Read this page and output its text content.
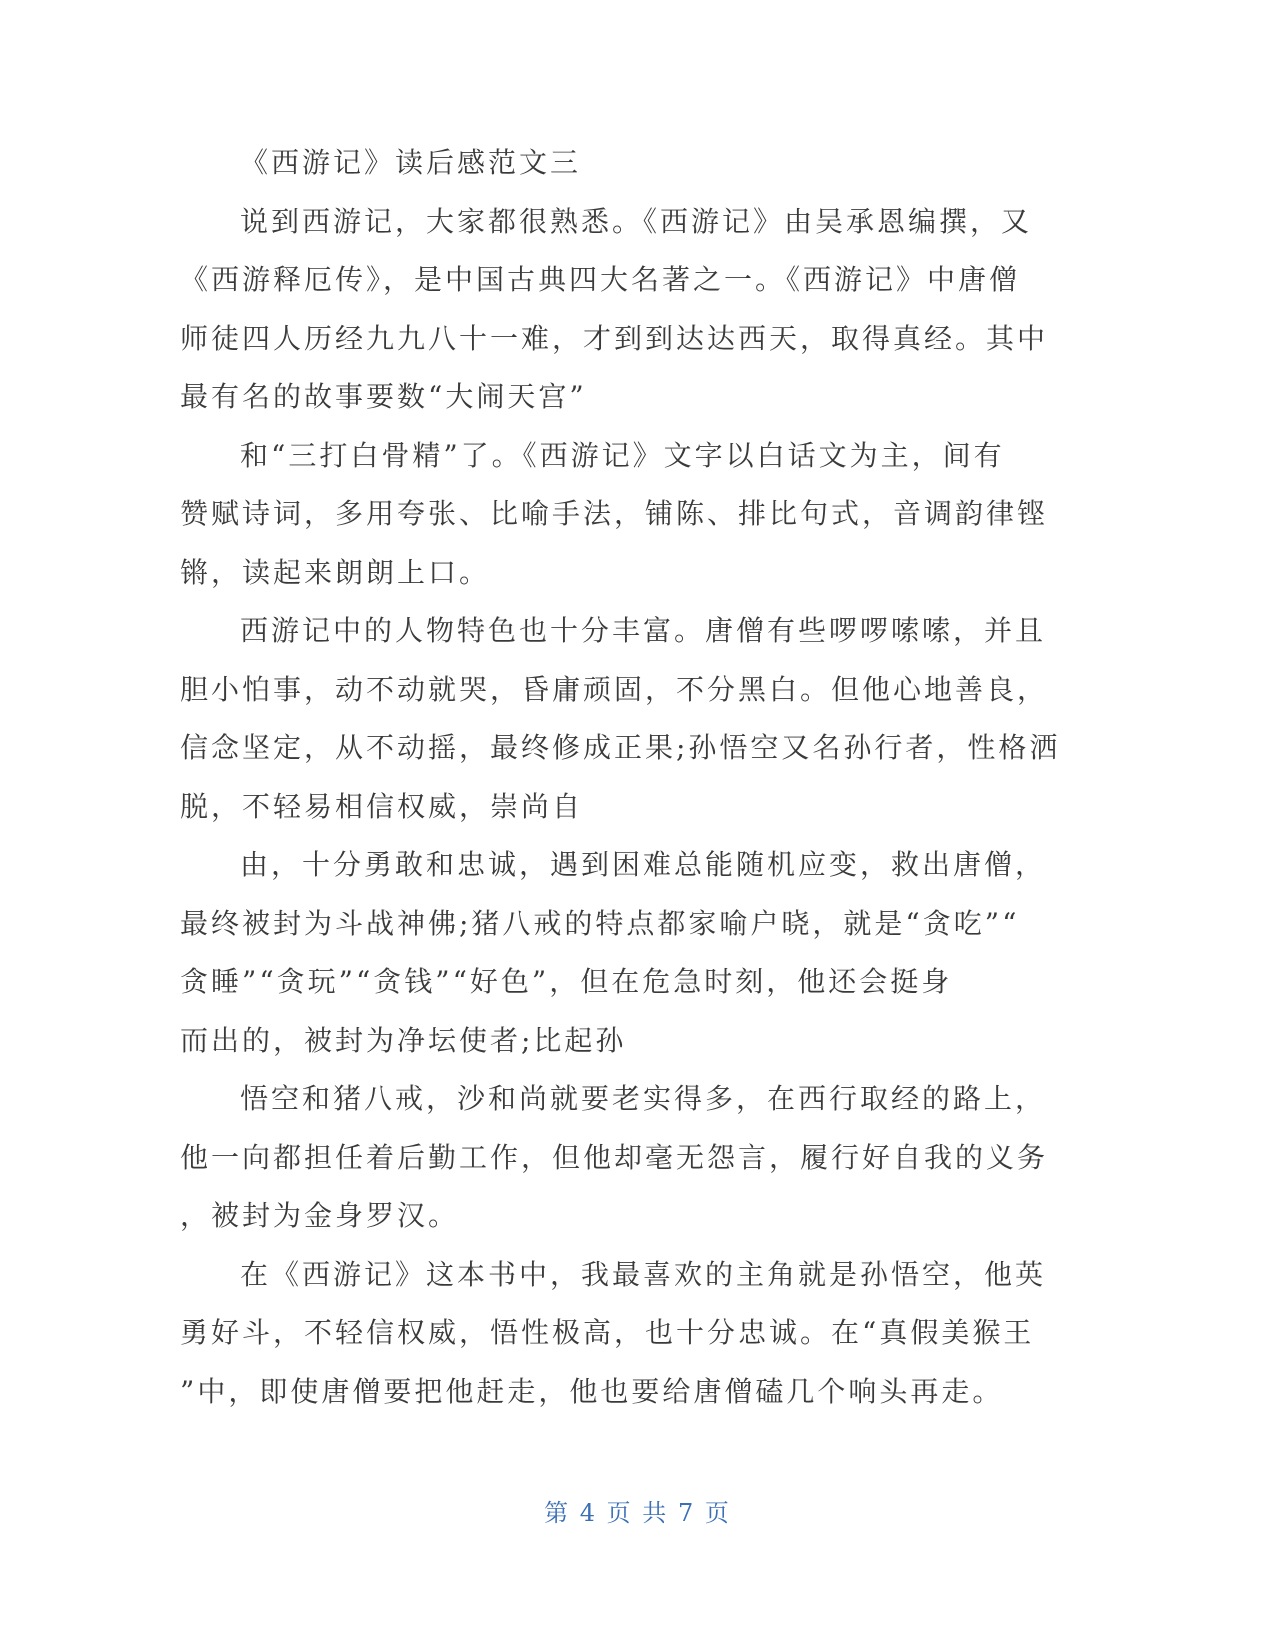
《西游记》读后感范文三
说到西游记，大家都很熟悉。《西游记》由吴承恩编撰，又
《西游释厄传》，是中国古典四大名著之一。《西游记》中唐僧
师徒四人历经九九八十一难，才到到达达西天，取得真经。其中
最有名的故事要数“大闹天宫”
和“三打白骨精”了。《西游记》文字以白话文为主，间有
赞赋诗词，多用夸张、比喻手法，铺陈、排比句式，音调韵律铿
锵，读起来朗朗上口。
西游记中的人物特色也十分丰富。唐僧有些啰啰嗦嗦，并且
胆小怕事，动不动就哭，昏庸顽固，不分黑白。但他心地善良，
信念坚定，从不动摇，最终修成正果;孙悟空又名孙行者，性格洒
脱，不轻易相信权威，崇尚自
由，十分勇敢和忠诚，遇到困难总能随机应变，救出唐僧，
最终被封为斗战神佛;猪八戒的特点都家喻户晓，就是“贪吃”“
贪睡”“贪玩”“贪钱”“好色”，但在危急时刻，他还会挺身
而出的，被封为净坛使者;比起孙
悟空和猪八戒，沙和尚就要老实得多，在西行取经的路上，
他一向都担任着后勤工作，但他却毫无怨言，履行好自我的义务
，被封为金身罗汉。
在《西游记》这本书中，我最喜欢的主角就是孙悟空，他英
勇好斗，不轻信权威，悟性极高，也十分忠诚。在“真假美猴王
”中，即使唐僧要把他赶走，他也要给唐僧磕几个响头再走。
第 4 页 共 7 页
